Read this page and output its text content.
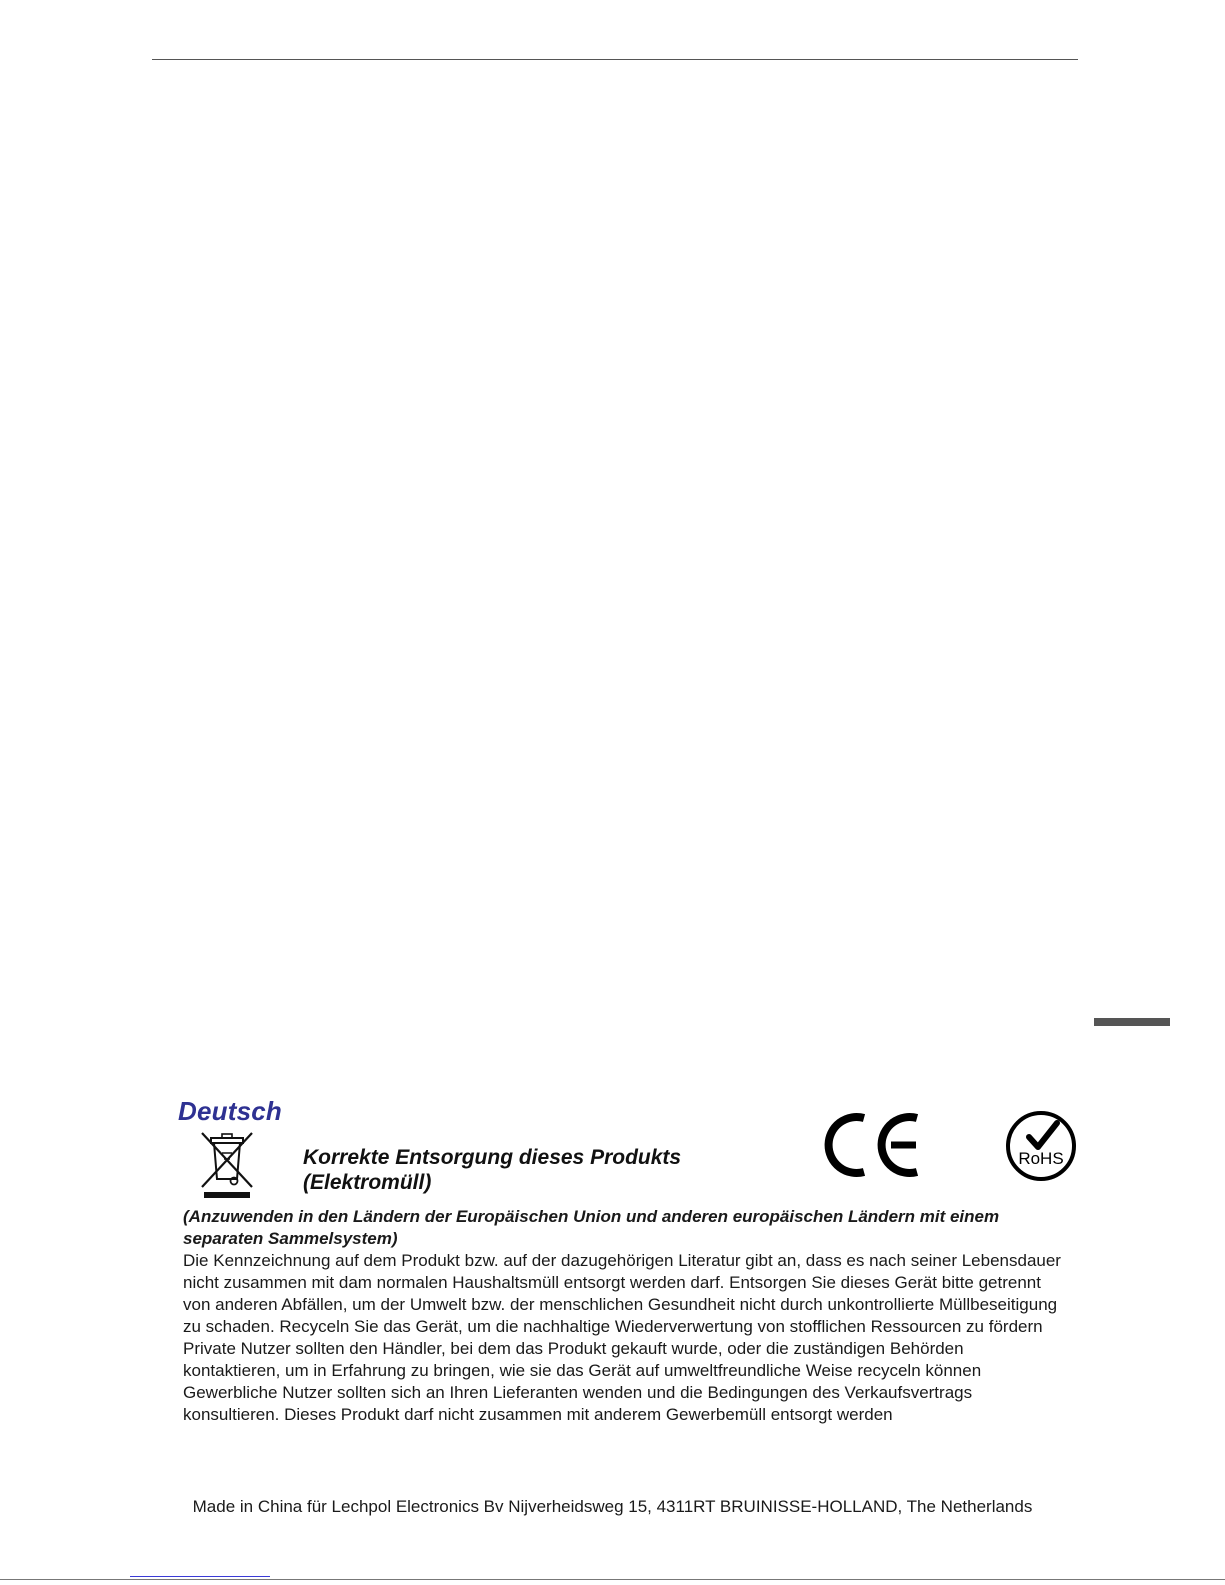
Deutsch
Korrekte Entsorgung dieses Produkts
(Elektromüll)
RoHS

(Anzuwenden in den Ländern der Europäischen Union und anderen europäischen Ländern mit einem separaten Sammelsystem)

Die Kennzeichnung auf dem Produkt bzw. auf der dazugehörigen Literatur gibt an, dass es nach seiner Lebensdauer nicht zusammen mit dam normalen Haushaltsmüll entsorgt werden darf. Entsorgen Sie dieses Gerät bitte getrennt von anderen Abfällen, um der Umwelt bzw. der menschlichen Gesundheit nicht durch unkontrollierte Müllbeseitigung zu schaden. Recyceln Sie das Gerät, um die nachhaltige Wiederverwertung von stofflichen Ressourcen zu fördern

Private Nutzer sollten den Händler, bei dem das Produkt gekauft wurde, oder die zuständigen Behörden kontaktieren, um in Erfahrung zu bringen, wie sie das Gerät auf umweltfreundliche Weise recyceln können

Gewerbliche Nutzer sollten sich an Ihren Lieferanten wenden und die Bedingungen des Verkaufsvertrags konsultieren. Dieses Produkt darf nicht zusammen mit anderem Gewerbemüll entsorgt werden

Made in China für Lechpol Electronics Bv Nijverheidsweg 15, 4311RT BRUINISSE-HOLLAND, The Netherlands
